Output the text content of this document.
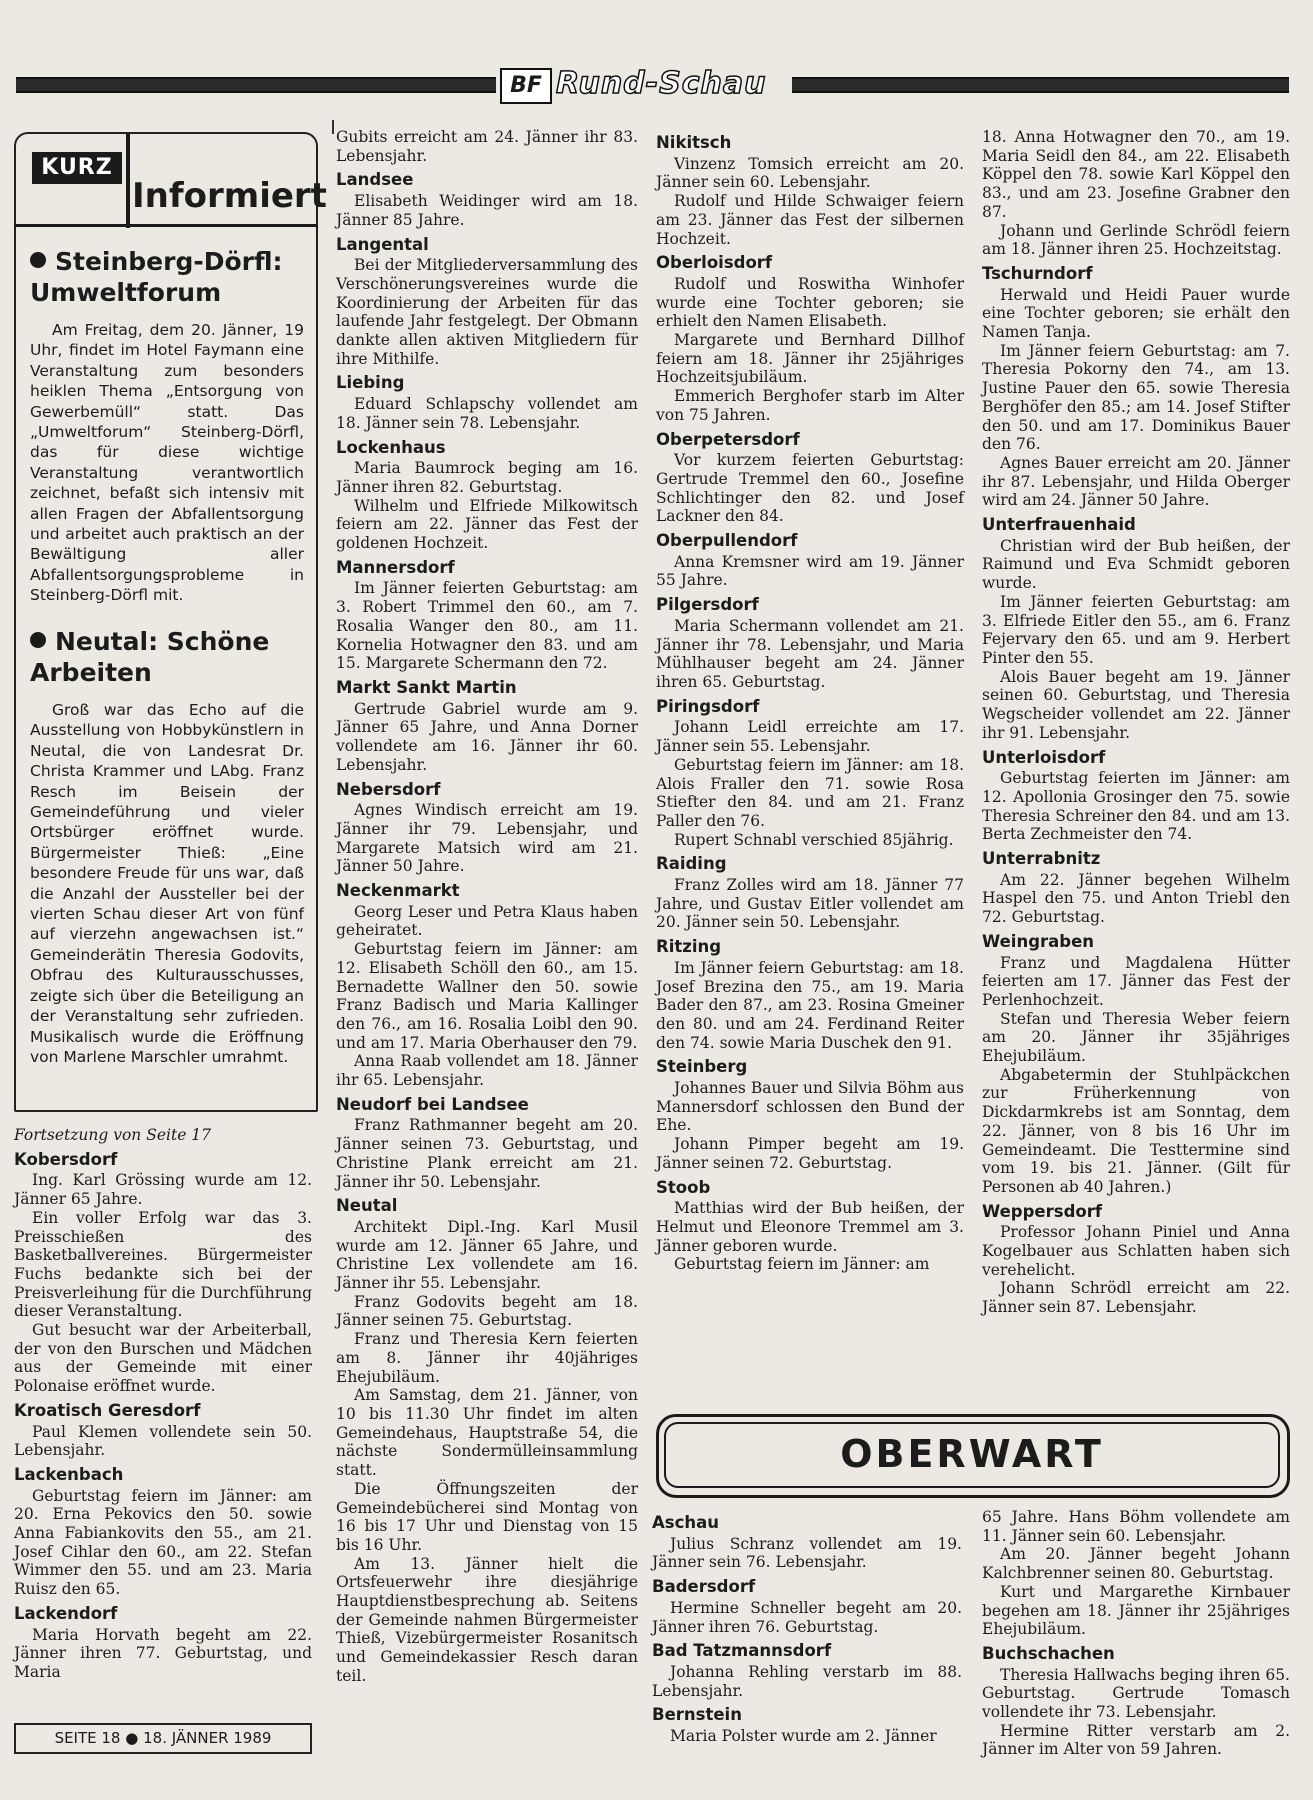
BF Rund-Schau
KURZ
Informiert
Steinberg-Dörfl: Umweltforum

Am Freitag, dem 20. Jänner, 19 Uhr, findet im Hotel Faymann eine Veranstaltung zum besonders heiklen Thema „Entsorgung von Gewerbemüll“ statt. Das „Umweltforum“ Steinberg-Dörfl, das für diese wichtige Veranstaltung verantwortlich zeichnet, befaßt sich intensiv mit allen Fragen der Abfallentsorgung und arbeitet auch praktisch an der Bewältigung aller Abfallentsorgungsprobleme in Steinberg-Dörfl mit.

Neutal: Schöne Arbeiten

Groß war das Echo auf die Ausstellung von Hobbykünstlern in Neutal, die von Landesrat Dr. Christa Krammer und LAbg. Franz Resch im Beisein der Gemeindeführung und vieler Ortsbürger eröffnet wurde. Bürgermeister Thieß: „Eine besondere Freude für uns war, daß die Anzahl der Aussteller bei der vierten Schau dieser Art von fünf auf vierzehn angewachsen ist.“ Gemeinderätin Theresia Godovits, Obfrau des Kulturausschusses, zeigte sich über die Beteiligung an der Veranstaltung sehr zufrieden. Musikalisch wurde die Eröffnung von Marlene Marschler umrahmt.

Fortsetzung von Seite 17

Kobersdorf

Ing. Karl Grössing wurde am 12. Jänner 65 Jahre.

Ein voller Erfolg war das 3. Preisschießen des Basketballvereines. Bürgermeister Fuchs bedankte sich bei der Preisverleihung für die Durchführung dieser Veranstaltung.

Gut besucht war der Arbeiterball, der von den Burschen und Mädchen aus der Gemeinde mit einer Polonaise eröffnet wurde.

Kroatisch Geresdorf

Paul Klemen vollendete sein 50. Lebensjahr.

Lackenbach

Geburtstag feiern im Jänner: am 20. Erna Pekovics den 50. sowie Anna Fabiankovits den 55., am 21. Josef Cihlar den 60., am 22. Stefan Wimmer den 55. und am 23. Maria Ruisz den 65.

Lackendorf

Maria Horvath begeht am 22. Jänner ihren 77. Geburtstag, und Maria

Gubits erreicht am 24. Jänner ihr 83. Lebensjahr.

Landsee

Elisabeth Weidinger wird am 18. Jänner 85 Jahre.

Langental

Bei der Mitgliederversammlung des Verschönerungsvereines wurde die Koordinierung der Arbeiten für das laufende Jahr festgelegt. Der Obmann dankte allen aktiven Mitgliedern für ihre Mithilfe.

Liebing

Eduard Schlapschy vollendet am 18. Jänner sein 78. Lebensjahr.

Lockenhaus

Maria Baumrock beging am 16. Jänner ihren 82. Geburtstag.

Wilhelm und Elfriede Milkowitsch feiern am 22. Jänner das Fest der goldenen Hochzeit.

Mannersdorf

Im Jänner feierten Geburtstag: am 3. Robert Trimmel den 60., am 7. Rosalia Wanger den 80., am 11. Kornelia Hotwagner den 83. und am 15. Margarete Schermann den 72.

Markt Sankt Martin

Gertrude Gabriel wurde am 9. Jänner 65 Jahre, und Anna Dorner vollendete am 16. Jänner ihr 60. Lebensjahr.

Nebersdorf

Agnes Windisch erreicht am 19. Jänner ihr 79. Lebensjahr, und Margarete Matsich wird am 21. Jänner 50 Jahre.

Neckenmarkt

Georg Leser und Petra Klaus haben geheiratet.

Geburtstag feiern im Jänner: am 12. Elisabeth Schöll den 60., am 15. Bernadette Wallner den 50. sowie Franz Badisch und Maria Kallinger den 76., am 16. Rosalia Loibl den 90. und am 17. Maria Oberhauser den 79.

Anna Raab vollendet am 18. Jänner ihr 65. Lebensjahr.

Neudorf bei Landsee

Franz Rathmanner begeht am 20. Jänner seinen 73. Geburtstag, und Christine Plank erreicht am 21. Jänner ihr 50. Lebensjahr.

Neutal

Architekt Dipl.-Ing. Karl Musil wurde am 12. Jänner 65 Jahre, und Christine Lex vollendete am 16. Jänner ihr 55. Lebensjahr.

Franz Godovits begeht am 18. Jänner seinen 75. Geburtstag.

Franz und Theresia Kern feierten am 8. Jänner ihr 40jähriges Ehejubiläum.

Am Samstag, dem 21. Jänner, von 10 bis 11.30 Uhr findet im alten Gemeindehaus, Hauptstraße 54, die nächste Sondermülleinsammlung statt.

Die Öffnungszeiten der Gemeindebücherei sind Montag von 16 bis 17 Uhr und Dienstag von 15 bis 16 Uhr.

Am 13. Jänner hielt die Ortsfeuerwehr ihre diesjährige Hauptdienstbesprechung ab. Seitens der Gemeinde nahmen Bürgermeister Thieß, Vizebürgermeister Rosanitsch und Gemeindekassier Resch daran teil.

Nikitsch

Vinzenz Tomsich erreicht am 20. Jänner sein 60. Lebensjahr.

Rudolf und Hilde Schwaiger feiern am 23. Jänner das Fest der silbernen Hochzeit.

Oberloisdorf

Rudolf und Roswitha Winhofer wurde eine Tochter geboren; sie erhielt den Namen Elisabeth.

Margarete und Bernhard Dillhof feiern am 18. Jänner ihr 25jähriges Hochzeitsjubiläum.

Emmerich Berghofer starb im Alter von 75 Jahren.

Oberpetersdorf

Vor kurzem feierten Geburtstag: Gertrude Tremmel den 60., Josefine Schlichtinger den 82. und Josef Lackner den 84.

Oberpullendorf

Anna Kremsner wird am 19. Jänner 55 Jahre.

Pilgersdorf

Maria Schermann vollendet am 21. Jänner ihr 78. Lebensjahr, und Maria Mühlhauser begeht am 24. Jänner ihren 65. Geburtstag.

Piringsdorf

Johann Leidl erreichte am 17. Jänner sein 55. Lebensjahr.

Geburtstag feiern im Jänner: am 18. Alois Fraller den 71. sowie Rosa Stiefter den 84. und am 21. Franz Paller den 76.

Rupert Schnabl verschied 85jährig.

Raiding

Franz Zolles wird am 18. Jänner 77 Jahre, und Gustav Eitler vollendet am 20. Jänner sein 50. Lebensjahr.

Ritzing

Im Jänner feiern Geburtstag: am 18. Josef Brezina den 75., am 19. Maria Bader den 87., am 23. Rosina Gmeiner den 80. und am 24. Ferdinand Reiter den 74. sowie Maria Duschek den 91.

Steinberg

Johannes Bauer und Silvia Böhm aus Mannersdorf schlossen den Bund der Ehe.

Johann Pimper begeht am 19. Jänner seinen 72. Geburtstag.

Stoob

Matthias wird der Bub heißen, der Helmut und Eleonore Tremmel am 3. Jänner geboren wurde.

Geburtstag feiern im Jänner: am

18. Anna Hotwagner den 70., am 19. Maria Seidl den 84., am 22. Elisabeth Köppel den 78. sowie Karl Köppel den 83., und am 23. Josefine Grabner den 87.

Johann und Gerlinde Schrödl feiern am 18. Jänner ihren 25. Hochzeitstag.

Tschurndorf

Herwald und Heidi Pauer wurde eine Tochter geboren; sie erhält den Namen Tanja.

Im Jänner feiern Geburtstag: am 7. Theresia Pokorny den 74., am 13. Justine Pauer den 65. sowie Theresia Berghöfer den 85.; am 14. Josef Stifter den 50. und am 17. Dominikus Bauer den 76.

Agnes Bauer erreicht am 20. Jänner ihr 87. Lebensjahr, und Hilda Oberger wird am 24. Jänner 50 Jahre.

Unterfrauenhaid

Christian wird der Bub heißen, der Raimund und Eva Schmidt geboren wurde.

Im Jänner feierten Geburtstag: am 3. Elfriede Eitler den 55., am 6. Franz Fejervary den 65. und am 9. Herbert Pinter den 55.

Alois Bauer begeht am 19. Jänner seinen 60. Geburtstag, und Theresia Wegscheider vollendet am 22. Jänner ihr 91. Lebensjahr.

Unterloisdorf

Geburtstag feierten im Jänner: am 12. Apollonia Grosinger den 75. sowie Theresia Schreiner den 84. und am 13. Berta Zechmeister den 74.

Unterrabnitz

Am 22. Jänner begehen Wilhelm Haspel den 75. und Anton Triebl den 72. Geburtstag.

Weingraben

Franz und Magdalena Hütter feierten am 17. Jänner das Fest der Perlenhochzeit.

Stefan und Theresia Weber feiern am 20. Jänner ihr 35jähriges Ehejubiläum.

Abgabetermin der Stuhlpäckchen zur Früherkennung von Dickdarmkrebs ist am Sonntag, dem 22. Jänner, von 8 bis 16 Uhr im Gemeindeamt. Die Testtermine sind vom 19. bis 21. Jänner. (Gilt für Personen ab 40 Jahren.)

Weppersdorf

Professor Johann Piniel und Anna Kogelbauer aus Schlatten haben sich verehelicht.

Johann Schrödl erreicht am 22. Jänner sein 87. Lebensjahr.

OBERWART
Aschau

Julius Schranz vollendet am 19. Jänner sein 76. Lebensjahr.

Badersdorf

Hermine Schneller begeht am 20. Jänner ihren 76. Geburtstag.

Bad Tatzmannsdorf

Johanna Rehling verstarb im 88. Lebensjahr.

Bernstein

Maria Polster wurde am 2. Jänner

65 Jahre. Hans Böhm vollendete am 11. Jänner sein 60. Lebensjahr.

Am 20. Jänner begeht Johann Kalchbrenner seinen 80. Geburtstag.

Kurt und Margarethe Kirnbauer begehen am 18. Jänner ihr 25jähriges Ehejubiläum.

Buchschachen

Theresia Hallwachs beging ihren 65. Geburtstag. Gertrude Tomasch vollendete ihr 73. Lebensjahr.

Hermine Ritter verstarb am 2. Jänner im Alter von 59 Jahren.

SEITE 18 ● 18. JÄNNER 1989
